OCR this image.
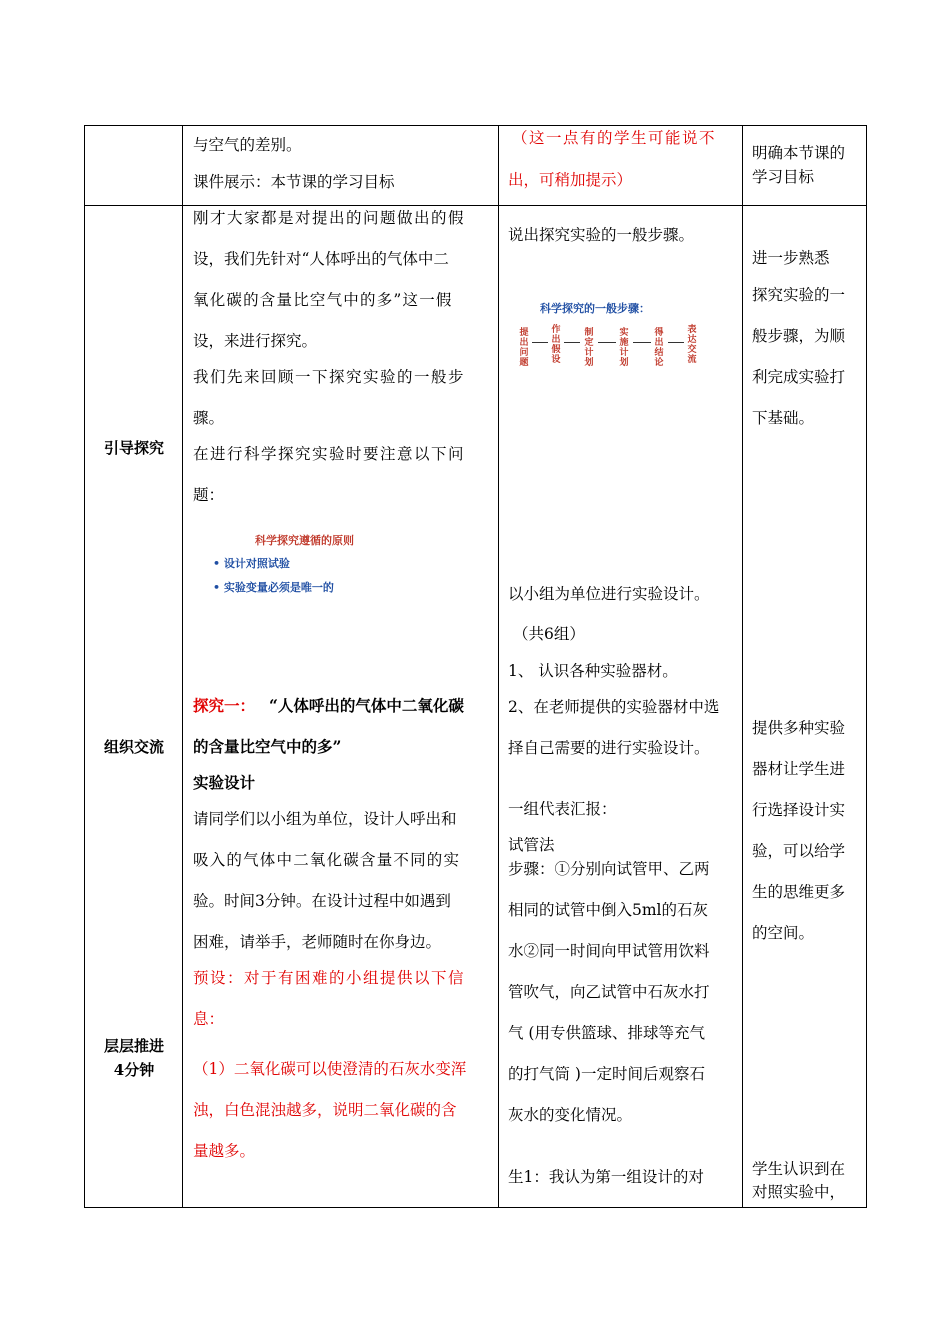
与空气的差别。
课件展示：本节课的学习目标
（这一点有的学生可能说不
出，可稍加提示）
明确本节课的
学习目标
引导探究
组织交流
层层推进
4分钟
刚才大家都是对提出的问题做出的假
设，我们先针对“人体呼出的气体中二
氧化碳的含量比空气中的多”这一假
设，来进行探究。
我们先来回顾一下探究实验的一般步
骤。
在进行科学探究实验时要注意以下问
题：
科学探究遵循的原则
• 设计对照试验
• 实验变量必须是唯一的
探究一： “人体呼出的气体中二氧化碳
的含量比空气中的多”
实验设计
请同学们以小组为单位，设计人呼出和
吸入的气体中二氧化碳含量不同的实
验。时间3分钟。在设计过程中如遇到
困难，请举手，老师随时在你身边。
预设：对于有困难的小组提供以下信
息：
（1）二氧化碳可以使澄清的石灰水变浑
浊，白色混浊越多，说明二氧化碳的含
量越多。
说出探究实验的一般步骤。
科学探究的一般步骤：
提出问题
作出假设
制定计划
实施计划
得出结论
表达交流
以小组为单位进行实验设计。
（共6组）
1、 认识各种实验器材。
2、在老师提供的实验器材中选
择自己需要的进行实验设计。
一组代表汇报：
试管法
步骤：①分别向试管甲、乙两
相同的试管中倒入5ml的石灰
水②同一时间向甲试管用饮料
管吹气，向乙试管中石灰水打
气 (用专供篮球、排球等充气
的打气筒 )一定时间后观察石
灰水的变化情况。
生1：我认为第一组设计的对
进一步熟悉
探究实验的一
般步骤，为顺
利完成实验打
下基础。
提供多种实验
器材让学生进
行选择设计实
验，可以给学
生的思维更多
的空间。
学生认识到在
对照实验中，
